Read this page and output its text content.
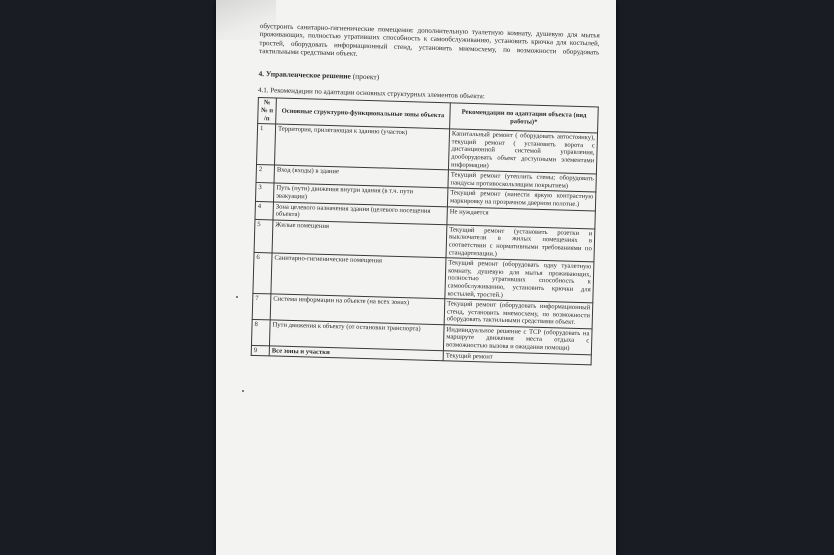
обустроить санитарно-гигиенические помещения: дополнительную туалетную комнату, душевую для мытья проживающих, полностью утративших способность к самообслуживанию, установить крючка для костылей, тростей, оборудовать информационный стенд, установить мнемосхему, по возможности оборудовать тактильными средствами объект.

4. Управленческое решение (проект)

4.1. Рекомендации по адаптации основных структурных элементов объекта:

№ № п /п	Основные структурно-функциональные зоны объекта	Рекомендации по адаптации объекта (вид работы)*
1	Территория, прилегающая к зданию (участок)	Капитальный ремонт ( оборудовать автостоянку), текущий ремонт ( установить ворота с дистанционной системой управления, дооборудовать объект доступными элементами информации)
2	Вход (входы) в здание	Текущий ремонт (утеплить стены; оборудовать пандусы противоскользящим покрытием)
3	Путь (пути) движения внутри здания (в т.ч. пути эвакуации)	Текущий ремонт (нанести яркую контрастную маркировку на прозрачном дверном полотне.)
4	Зона целевого назначения здания (целевого посещения объекта)	Не нуждается
5	Жилые помещения	Текущий ремонт (установить розетки и выключатели в жилых помещениях в соответствии с нормативными требованиями по стандартизации.)
6	Санитарно-гигиенические помещения	Текущий ремонт (оборудовать одну туалетную комнату, душевую для мытья проживающих, полностью утративших способность к самообслуживанию, установить крючки для костылей, тростей.)
7	Система информации на объекте (на всех зонах)	Текущий ремонт (оборудовать информационный стенд, установить мнемосхему, по возможности оборудовать тактильными средствами объект.
8	Пути движения к объекту (от остановки транспорта)	Индивидуальное решение с ТСР (оборудовать на маршруте движения места отдыха с возможностью вызова и ожидания помощи)
9	Все зоны и участки	Текущий ремонт
